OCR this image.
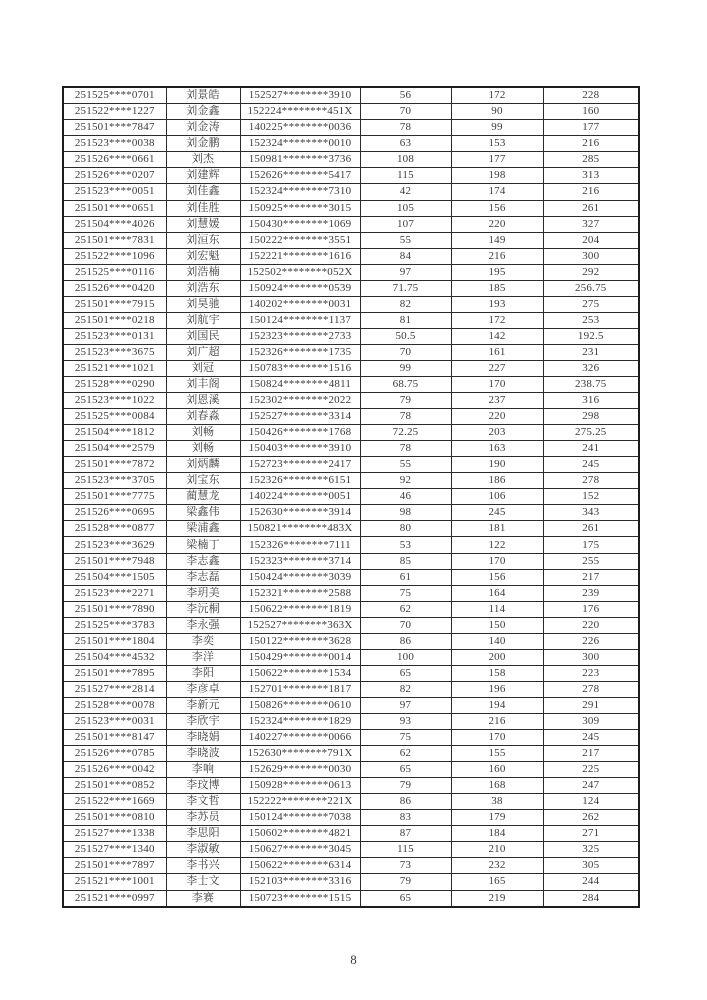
251525****0701	刘景皓	152527********3910	56	172	228
251522****1227	刘金鑫	152224********451X	70	90	160
251501****7847	刘金涛	140225********0036	78	99	177
251523****0038	刘金鹏	152324********0010	63	153	216
251526****0661	刘杰	150981********3736	108	177	285
251526****0207	刘建辉	152626********5417	115	198	313
251523****0051	刘佳鑫	152324********7310	42	174	216
251501****0651	刘佳胜	150925********3015	105	156	261
251504****4026	刘慧媛	150430********1069	107	220	327
251501****7831	刘洹东	150222********3551	55	149	204
251522****1096	刘宏魁	152221********1616	84	216	300
251525****0116	刘浩楠	152502********052X	97	195	292
251526****0420	刘浩东	150924********0539	71.75	185	256.75
251501****7915	刘昊驰	140202********0031	82	193	275
251501****0218	刘航宇	150124********1137	81	172	253
251523****0131	刘国民	152323********2733	50.5	142	192.5
251523****3675	刘广超	152326********1735	70	161	231
251521****1021	刘冠	150783********1516	99	227	326
251528****0290	刘丰阁	150824********4811	68.75	170	238.75
251523****1022	刘恩溪	152302********2022	79	237	316
251525****0084	刘春淼	152527********3314	78	220	298
251504****1812	刘畅	150426********1768	72.25	203	275.25
251504****2579	刘畅	150403********3910	78	163	241
251501****7872	刘炳麟	152723********2417	55	190	245
251523****3705	刘宝东	152326********6151	92	186	278
251501****7775	蔺慧龙	140224********0051	46	106	152
251526****0695	梁鑫伟	152630********3914	98	245	343
251528****0877	梁浦鑫	150821********483X	80	181	261
251523****3629	梁楠丁	152326********7111	53	122	175
251501****7948	李志鑫	152323********3714	85	170	255
251504****1505	李志磊	150424********3039	61	156	217
251523****2271	李玥美	152321********2588	75	164	239
251501****7890	李沅桐	150622********1819	62	114	176
251525****3783	李永强	152527********363X	70	150	220
251501****1804	李奕	150122********3628	86	140	226
251504****4532	李洋	150429********0014	100	200	300
251501****7895	李阳	150622********1534	65	158	223
251527****2814	李彦卓	152701********1817	82	196	278
251528****0078	李新元	150826********0610	97	194	291
251523****0031	李欣宇	152324********1829	93	216	309
251501****8147	李晓娟	140227********0066	75	170	245
251526****0785	李晓波	152630********791X	62	155	217
251526****0042	李响	152629********0030	65	160	225
251501****0852	李玟博	150928********0613	79	168	247
251522****1669	李文哲	152222********221X	86	38	124
251501****0810	李苏员	150124********7038	83	179	262
251527****1338	李思阳	150602********4821	87	184	271
251527****1340	李淑敏	150627********3045	115	210	325
251501****7897	李书兴	150622********6314	73	232	305
251521****1001	李士文	152103********3316	79	165	244
251521****0997	李赛	150723********1515	65	219	284
8
